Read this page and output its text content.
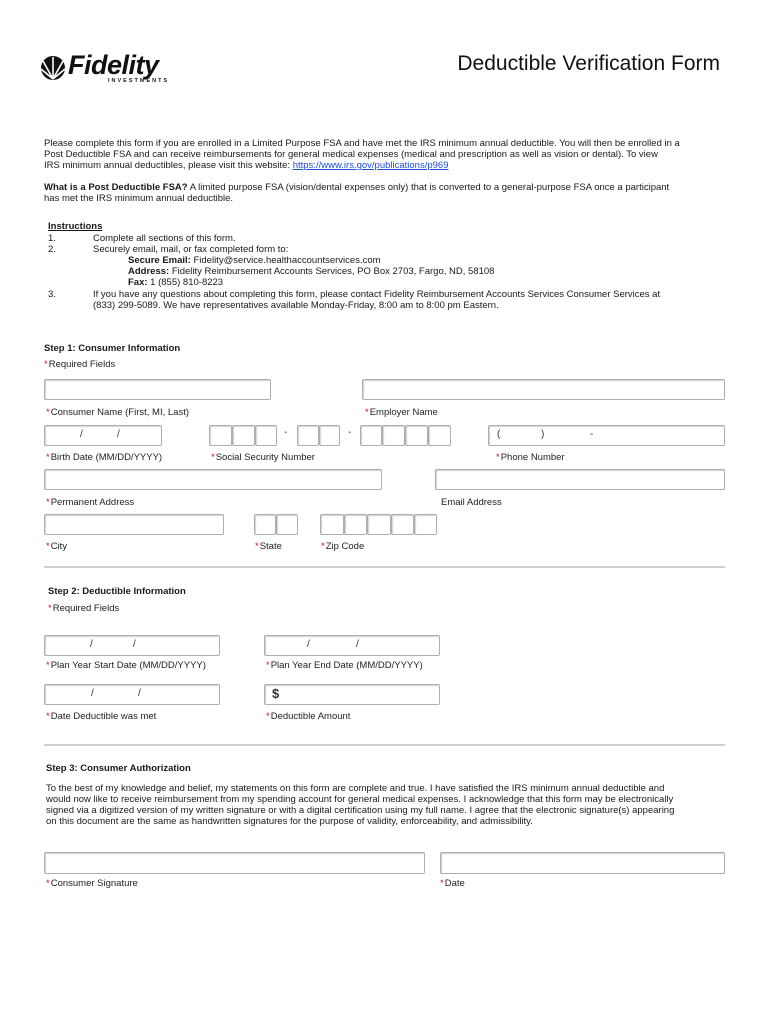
Fidelity
INVESTMENTS
Deductible Verification Form
Please complete this form if you are enrolled in a Limited Purpose FSA and have met the IRS minimum annual deductible. You will then be enrolled in a
Post Deductible FSA and can receive reimbursements for general medical expenses (medical and prescription as well as vision or dental). To view
IRS minimum annual deductibles, please visit this website: https://www.irs.gov/publications/p969
What is a Post Deductible FSA? A limited purpose FSA (vision/dental expenses only) that is converted to a general-purpose FSA once a participant
has met the IRS minimum annual deductible.
Instructions
1.	Complete all sections of this form.
2.	Securely email, mail, or fax completed form to:
Secure Email: Fidelity@service.healthaccountservices.com
Address: Fidelity Reimbursement Accounts Services, PO Box 2703, Fargo, ND, 58108
Fax: 1 (855) 810-8223
3.	If you have any questions about completing this form, please contact Fidelity Reimbursement Accounts Services Consumer Services at
(833) 299-5089. We have representatives available Monday-Friday, 8:00 am to 8:00 pm Eastern.
Step 1: Consumer Information
*Required Fields
*Consumer Name (First, MI, Last)	*Employer Name
/	/	-	-	(	)	-
*Birth Date (MM/DD/YYYY)	*Social Security Number	*Phone Number
*Permanent Address	Email Address
*City	*State	*Zip Code
Step 2: Deductible Information
*Required Fields
/	/	/	/
*Plan Year Start Date (MM/DD/YYYY)	*Plan Year End Date (MM/DD/YYYY)
/	/	$
*Date Deductible was met	*Deductible Amount
Step 3: Consumer Authorization
To the best of my knowledge and belief, my statements on this form are complete and true. I have satisfied the IRS minimum annual deductible and
would now like to receive reimbursement from my spending account for general medical expenses. I acknowledge that this form may be electronically
signed via a digitized version of my written signature or with a digital certification using my full name. I agree that the electronic signature(s) appearing
on this document are the same as handwritten signatures for the purpose of validity, enforceability, and admissibility.
*Consumer Signature	*Date
